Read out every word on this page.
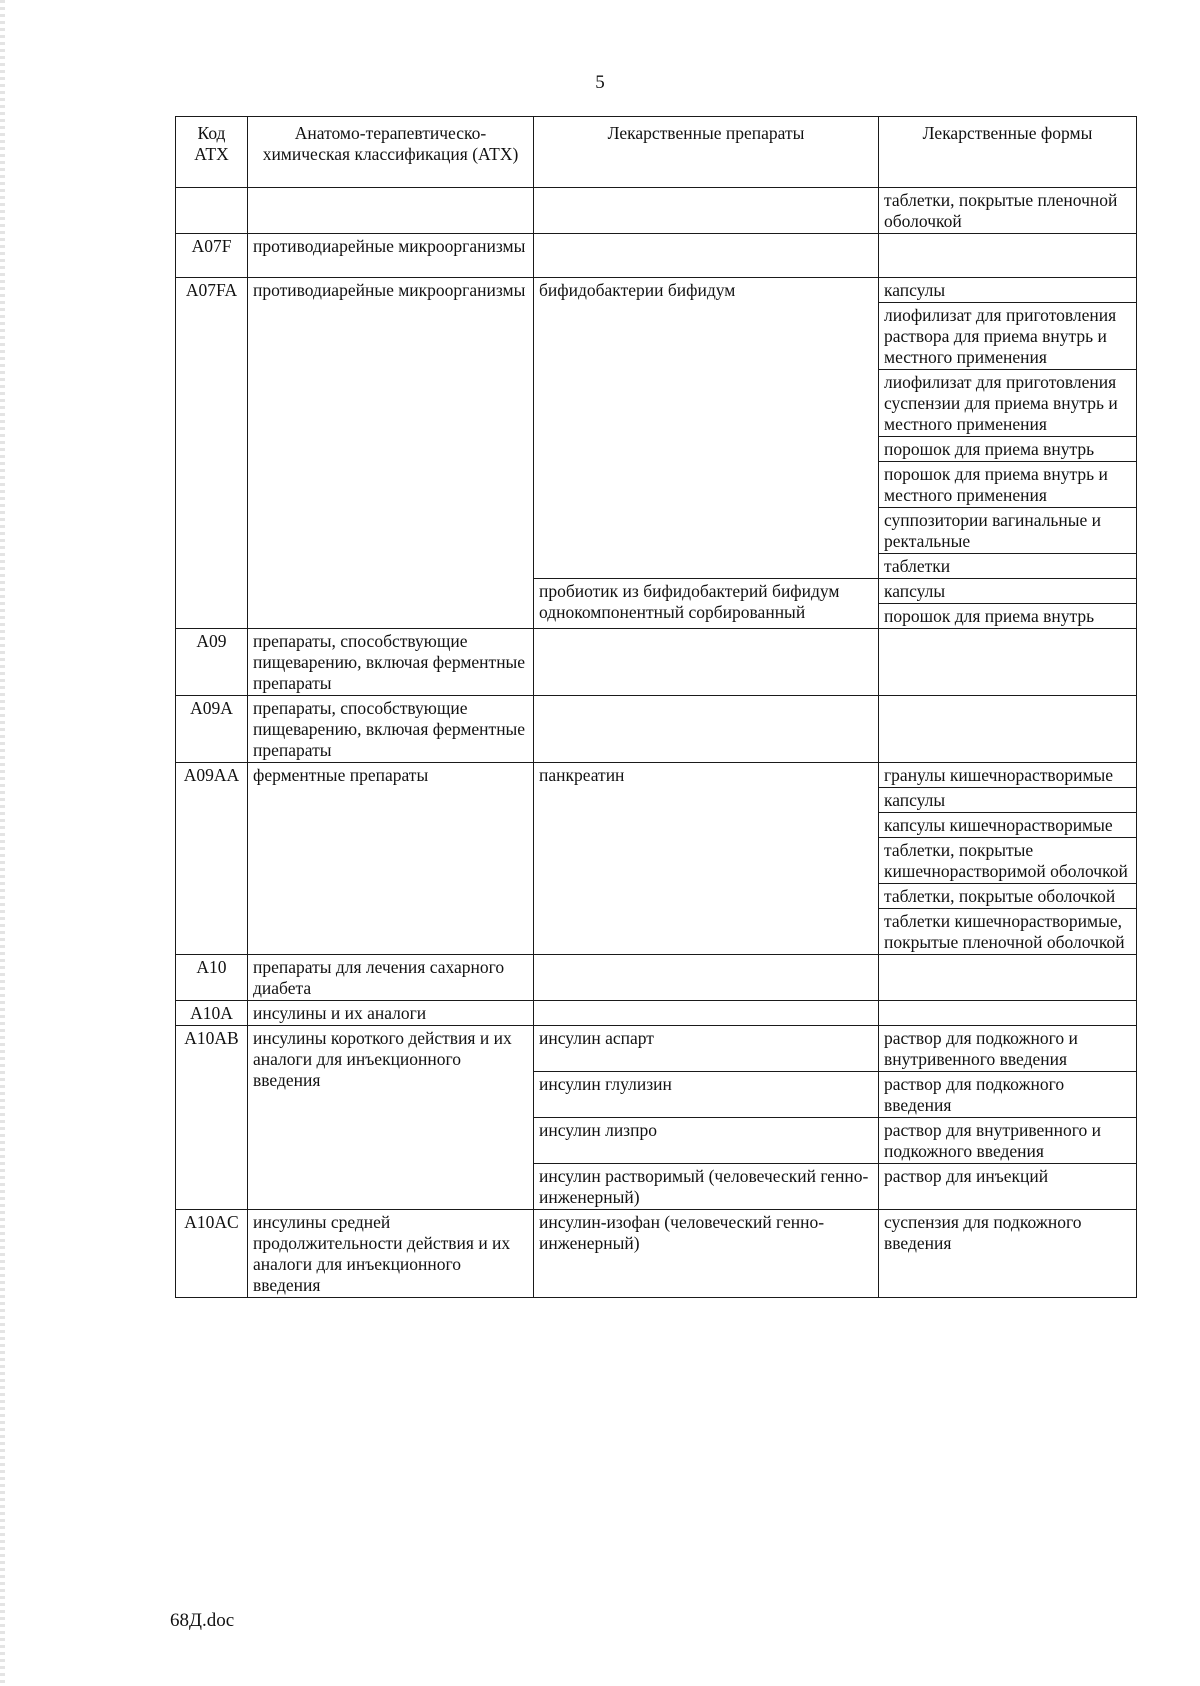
5
Код АТХ	Анатомо-терапевтическо-химическая классификация (АТХ)	Лекарственные препараты	Лекарственные формы
			таблетки, покрытые пленочной оболочкой
A07F	противодиарейные микроорганизмы		
A07FA	противодиарейные микроорганизмы	бифидобактерии бифидум	капсулы
			лиофилизат для приготовления раствора для приема внутрь и местного применения
			лиофилизат для приготовления суспензии для приема внутрь и местного применения
			порошок для приема внутрь
			порошок для приема внутрь и местного применения
			суппозитории вагинальные и ректальные
			таблетки
		пробиотик из бифидобактерий бифидум однокомпонентный сорбированный	капсулы
			порошок для приема внутрь
A09	препараты, способствующие пищеварению, включая ферментные препараты		
A09A	препараты, способствующие пищеварению, включая ферментные препараты		
A09AA	ферментные препараты	панкреатин	гранулы кишечнорастворимые
			капсулы
			капсулы кишечнорастворимые
			таблетки, покрытые кишечнорастворимой оболочкой
			таблетки, покрытые оболочкой
			таблетки кишечнорастворимые, покрытые пленочной оболочкой
A10	препараты для лечения сахарного диабета		
A10A	инсулины и их аналоги		
A10AB	инсулины короткого действия и их аналоги для инъекционного введения	инсулин аспарт	раствор для подкожного и внутривенного введения
		инсулин глулизин	раствор для подкожного введения
		инсулин лизпро	раствор для внутривенного и подкожного введения
		инсулин растворимый (человеческий генно-инженерный)	раствор для инъекций
A10AC	инсулины средней продолжительности действия и их аналоги для инъекционного введения	инсулин-изофан (человеческий генно-инженерный)	суспензия для подкожного введения
68Д.doc
